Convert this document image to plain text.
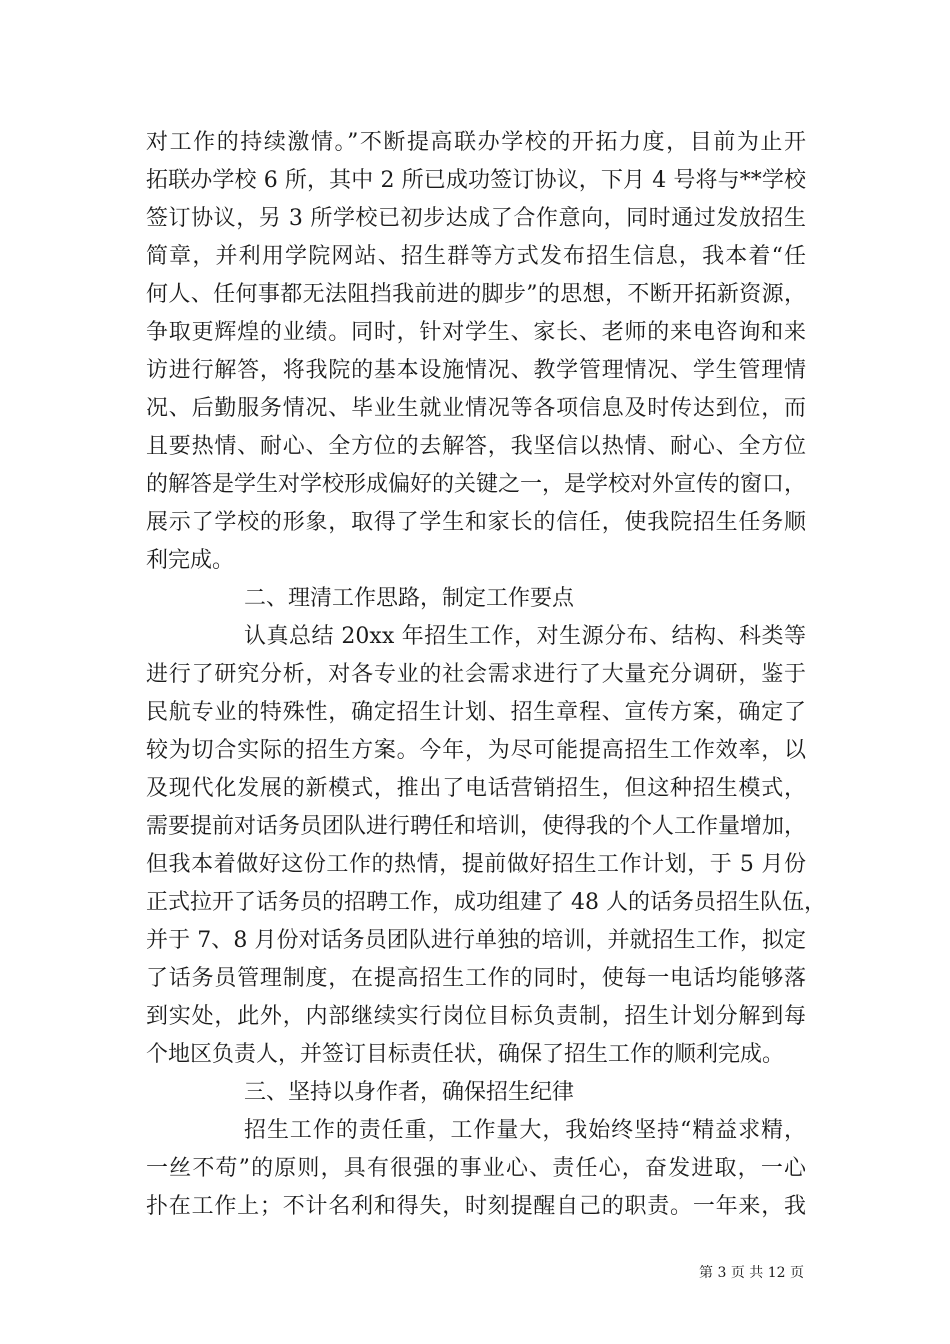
对工作的持续激情。”不断提高联办学校的开拓力度，目前为止开
拓联办学校 6 所，其中 2 所已成功签订协议，下月 4 号将与**学校
签订协议，另 3 所学校已初步达成了合作意向，同时通过发放招生
简章，并利用学院网站、招生群等方式发布招生信息，我本着“任
何人、任何事都无法阻挡我前进的脚步”的思想，不断开拓新资源，
争取更辉煌的业绩。同时，针对学生、家长、老师的来电咨询和来
访进行解答，将我院的基本设施情况、教学管理情况、学生管理情
况、后勤服务情况、毕业生就业情况等各项信息及时传达到位，而
且要热情、耐心、全方位的去解答，我坚信以热情、耐心、全方位
的解答是学生对学校形成偏好的关键之一，是学校对外宣传的窗口，
展示了学校的形象，取得了学生和家长的信任，使我院招生任务顺
利完成。
二、理清工作思路，制定工作要点
认真总结 20xx 年招生工作，对生源分布、结构、科类等
进行了研究分析，对各专业的社会需求进行了大量充分调研，鉴于
民航专业的特殊性，确定招生计划、招生章程、宣传方案，确定了
较为切合实际的招生方案。今年，为尽可能提高招生工作效率，以
及现代化发展的新模式，推出了电话营销招生，但这种招生模式，
需要提前对话务员团队进行聘任和培训，使得我的个人工作量增加，
但我本着做好这份工作的热情，提前做好招生工作计划，于 5 月份
正式拉开了话务员的招聘工作，成功组建了 48 人的话务员招生队伍，
并于 7、8 月份对话务员团队进行单独的培训，并就招生工作，拟定
了话务员管理制度，在提高招生工作的同时，使每一电话均能够落
到实处，此外，内部继续实行岗位目标负责制，招生计划分解到每
个地区负责人，并签订目标责任状，确保了招生工作的顺利完成。
三、坚持以身作者，确保招生纪律
招生工作的责任重，工作量大，我始终坚持“精益求精，
一丝不苟”的原则，具有很强的事业心、责任心，奋发进取，一心
扑在工作上；不计名利和得失，时刻提醒自己的职责。一年来，我
第 3 页 共 12 页
